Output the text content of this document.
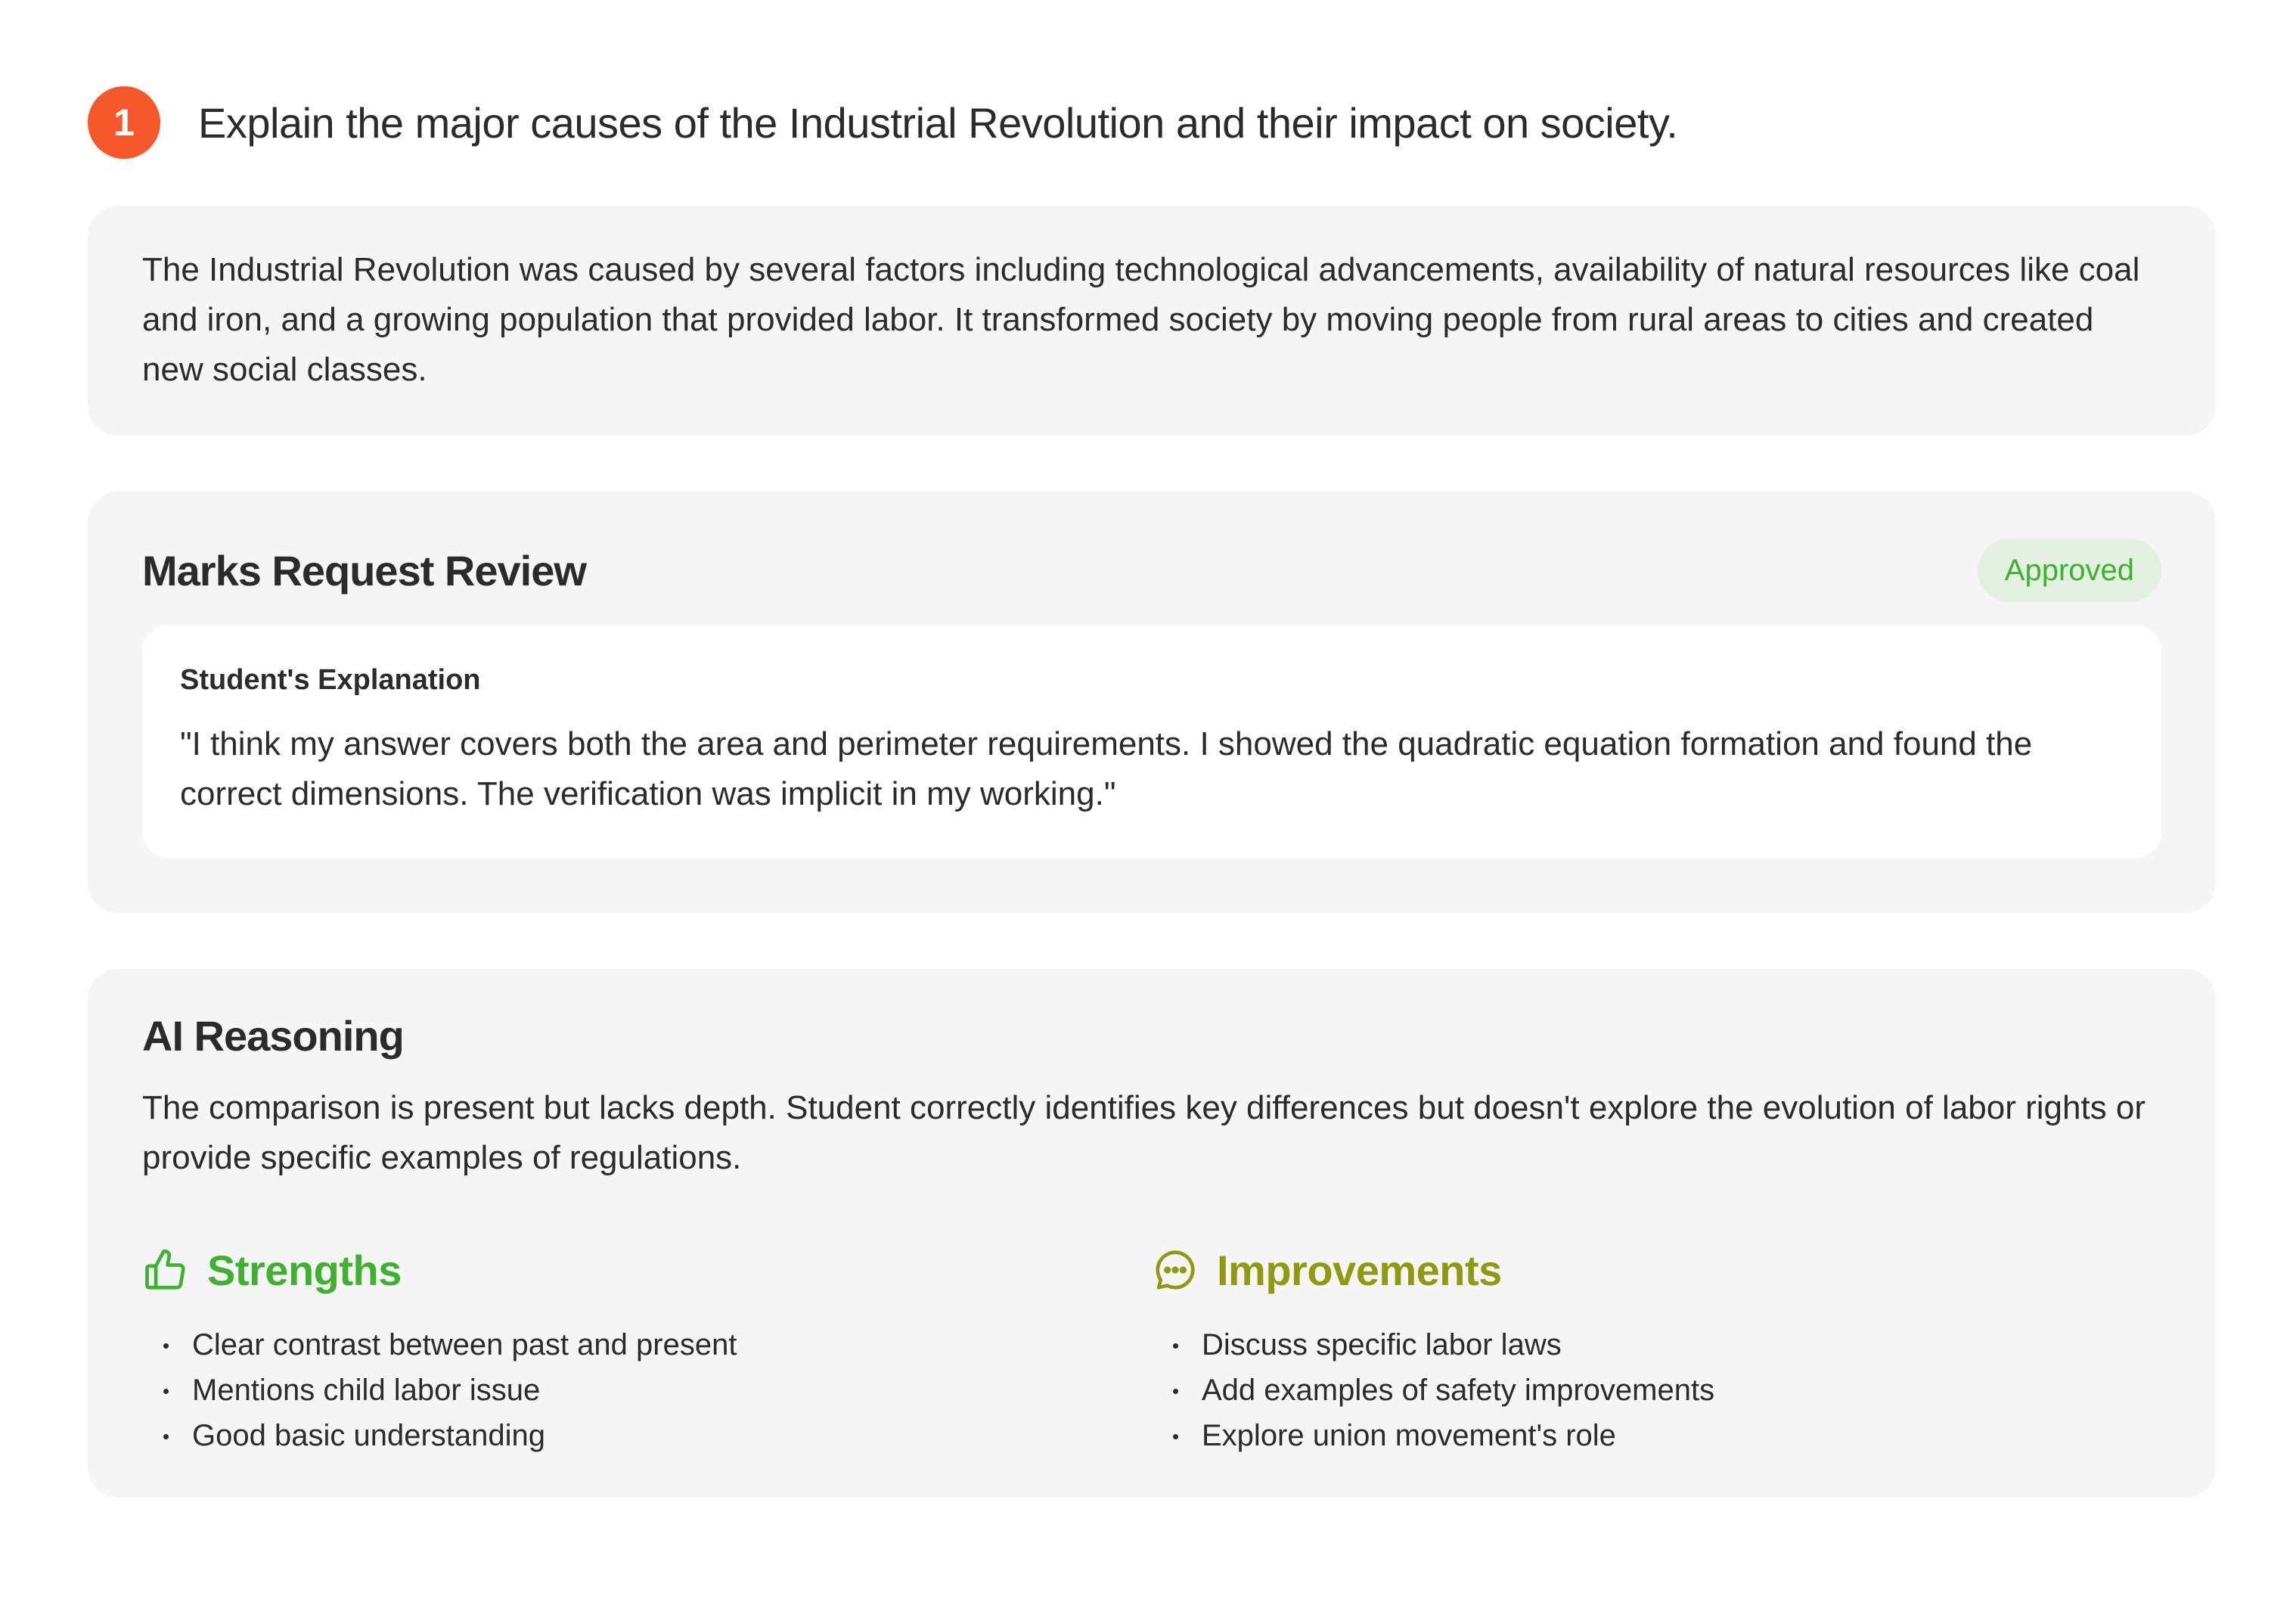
1	Explain the major causes of the Industrial Revolution and their impact on society.
The Industrial Revolution was caused by several factors including technological advancements, availability of natural resources like coal and iron, and a growing population that provided labor. It transformed society by moving people from rural areas to cities and created new social classes.
Marks Request Review	Approved
Student's Explanation
"I think my answer covers both the area and perimeter requirements. I showed the quadratic equation formation and found the correct dimensions. The verification was implicit in my working."
AI Reasoning
The comparison is present but lacks depth. Student correctly identifies key differences but doesn't explore the evolution of labor rights or provide specific examples of regulations.
Strengths
Clear contrast between past and present
Mentions child labor issue
Good basic understanding
Improvements
Discuss specific labor laws
Add examples of safety improvements
Explore union movement's role
